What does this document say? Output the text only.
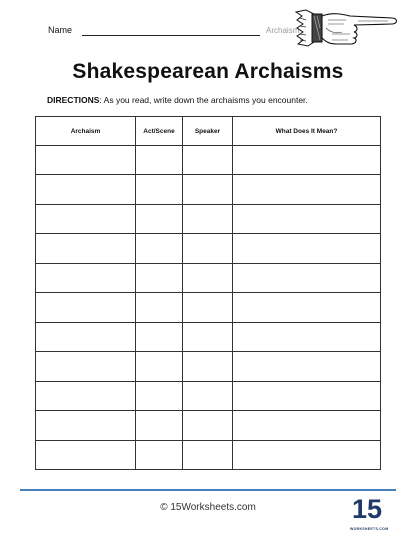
Name	Archaism
Shakespearean Archaisms
DIRECTIONS: As you read, write down the archaisms you encounter.
Archaism	Act/Scene	Speaker	What Does It Mean?

© 15Worksheets.com	15
WORKSHEETS.COM
